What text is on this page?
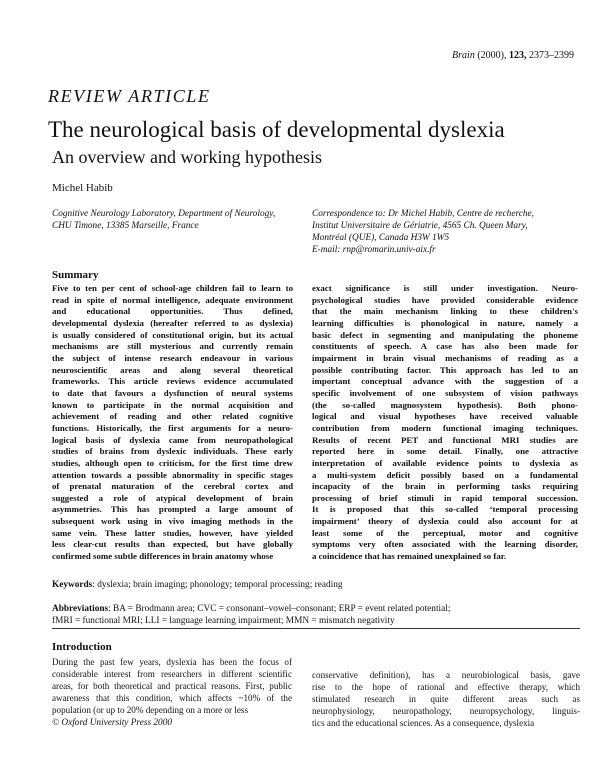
Brain (2000), 123, 2373–2399
REVIEW ARTICLE
The neurological basis of developmental dyslexia
An overview and working hypothesis
Michel Habib
Cognitive Neurology Laboratory, Department of Neurology,
CHU Timone, 13385 Marseille, France
Correspondence to: Dr Michel Habib, Centre de recherche,
Institut Universitaire de Gériatrie, 4565 Ch. Queen Mary,
Montréal (QUE), Canada H3W 1W5
E-mail: rnp@romarin.univ-aix.fr
Summary
Five to ten per cent of school-age children fail to learn to
read in spite of normal intelligence, adequate environment
and educational opportunities. Thus defined,
developmental dyslexia (hereafter referred to as dyslexia)
is usually considered of constitutional origin, but its actual
mechanisms are still mysterious and currently remain
the subject of intense research endeavour in various
neuroscientific areas and along several theoretical
frameworks. This article reviews evidence accumulated
to date that favours a dysfunction of neural systems
known to participate in the normal acquisition and
achievement of reading and other related cognitive
functions. Historically, the first arguments for a neuro-
logical basis of dyslexia came from neuropathological
studies of brains from dyslexic individuals. These early
studies, although open to criticism, for the first time drew
attention towards a possible abnormality in specific stages
of prenatal maturation of the cerebral cortex and
suggested a role of atypical development of brain
asymmetries. This has prompted a large amount of
subsequent work using in vivo imaging methods in the
same vein. These latter studies, however, have yielded
less clear-cut results than expected, but have globally
confirmed some subtle differences in brain anatomy whose
exact significance is still under investigation. Neuro-
psychological studies have provided considerable evidence
that the main mechanism linking to these children's
learning difficulties is phonological in nature, namely a
basic defect in segmenting and manipulating the phoneme
constituents of speech. A case has also been made for
impairment in brain visual mechanisms of reading as a
possible contributing factor. This approach has led to an
important conceptual advance with the suggestion of a
specific involvement of one subsystem of vision pathways
(the so-called magnosystem hypothesis). Both phono-
logical and visual hypotheses have received valuable
contribution from modern functional imaging techniques.
Results of recent PET and functional MRI studies are
reported here in some detail. Finally, one attractive
interpretation of available evidence points to dyslexia as
a multi-system deficit possibly based on a fundamental
incapacity of the brain in performing tasks requiring
processing of brief stimuli in rapid temporal succession.
It is proposed that this so-called ‘temporal processing
impairment’ theory of dyslexia could also account for at
least some of the perceptual, motor and cognitive
symptoms very often associated with the learning disorder,
a coincidence that has remained unexplained so far.
Keywords: dyslexia; brain imaging; phonology; temporal processing; reading
Abbreviations: BA = Brodmann area; CVC = consonant–vowel–consonant; ERP = event related potential;
fMRI = functional MRI; LLI = language learning impairment; MMN = mismatch negativity
Introduction
During the past few years, dyslexia has been the focus of
considerable interest from researchers in different scientific
areas, for both theoretical and practical reasons. First, public
awareness that this condition, which affects ~10% of the
population (or up to 20% depending on a more or less
conservative definition), has a neurobiological basis, gave
rise to the hope of rational and effective therapy, which
stimulated research in quite different areas such as
neurophysiology, neuropathology, neuropsychology, linguis-
tics and the educational sciences. As a consequence, dyslexia
© Oxford University Press 2000
